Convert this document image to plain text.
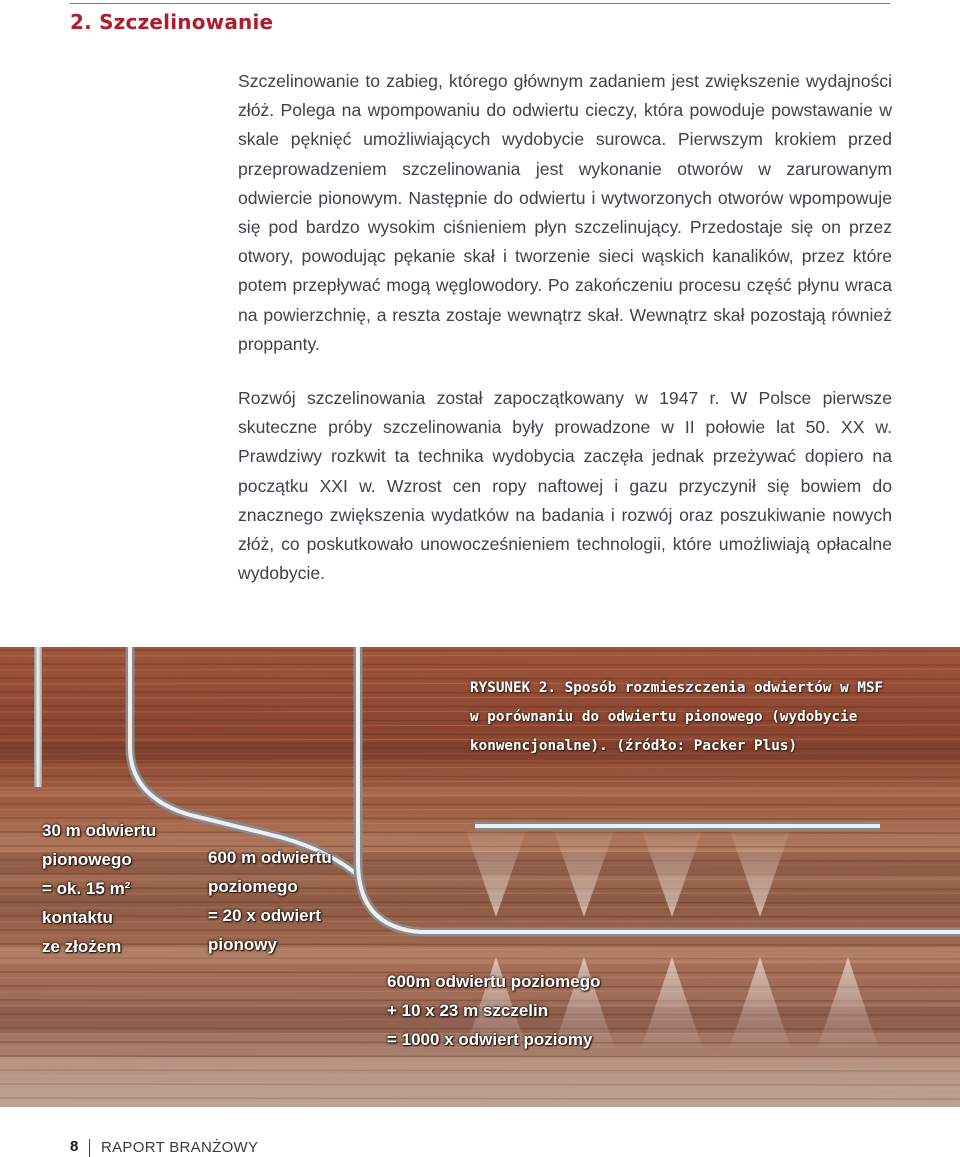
2. Szczelinowanie

Szczelinowanie to zabieg, którego głównym zadaniem jest zwiększenie wydajności złóż. Polega na wpompowaniu do odwiertu cieczy, która powoduje powstawanie w skale pęknięć umożliwiających wydobycie surowca. Pierwszym krokiem przed przeprowadzeniem szczelinowania jest wykonanie otworów w zarurowanym odwiercie pionowym. Następnie do odwiertu i wytworzonych otworów wpompowuje się pod bardzo wysokim ciśnieniem płyn szczelinujący. Przedostaje się on przez otwory, powodując pękanie skał i tworzenie sieci wąskich kanalików, przez które potem przepływać mogą węglowodory. Po zakończeniu procesu część płynu wraca na powierzchnię, a reszta zostaje wewnątrz skał. Wewnątrz skał pozostają również proppanty.

Rozwój szczelinowania został zapoczątkowany w 1947 r. W Polsce pierwsze skuteczne próby szczelinowania były prowadzone w II połowie lat 50. XX w. Prawdziwy rozkwit ta technika wydobycia zaczęła jednak przeżywać dopiero na początku XXI w. Wzrost cen ropy naftowej i gazu przyczynił się bowiem do znacznego zwiększenia wydatków na badania i rozwój oraz poszukiwanie nowych złóż, co poskutkowało unowocześnieniem technologii, które umożliwiają opłacalne wydobycie.

RYSUNEK 2. Sposób rozmieszczenia odwiertów w MSF w porównaniu do odwiertu pionowego (wydobycie konwencjonalne). (źródło: Packer Plus)

30 m odwiertu
pionowego
= ok. 15 m²
kontaktu
ze złożem
600 m odwiertu
poziomego
= 20 x odwiert
pionowy
600m odwiertu poziomego
+ 10 x 23 m szczelin
= 1000 x odwiert poziomy
8 RAPORT BRANŻOWY
